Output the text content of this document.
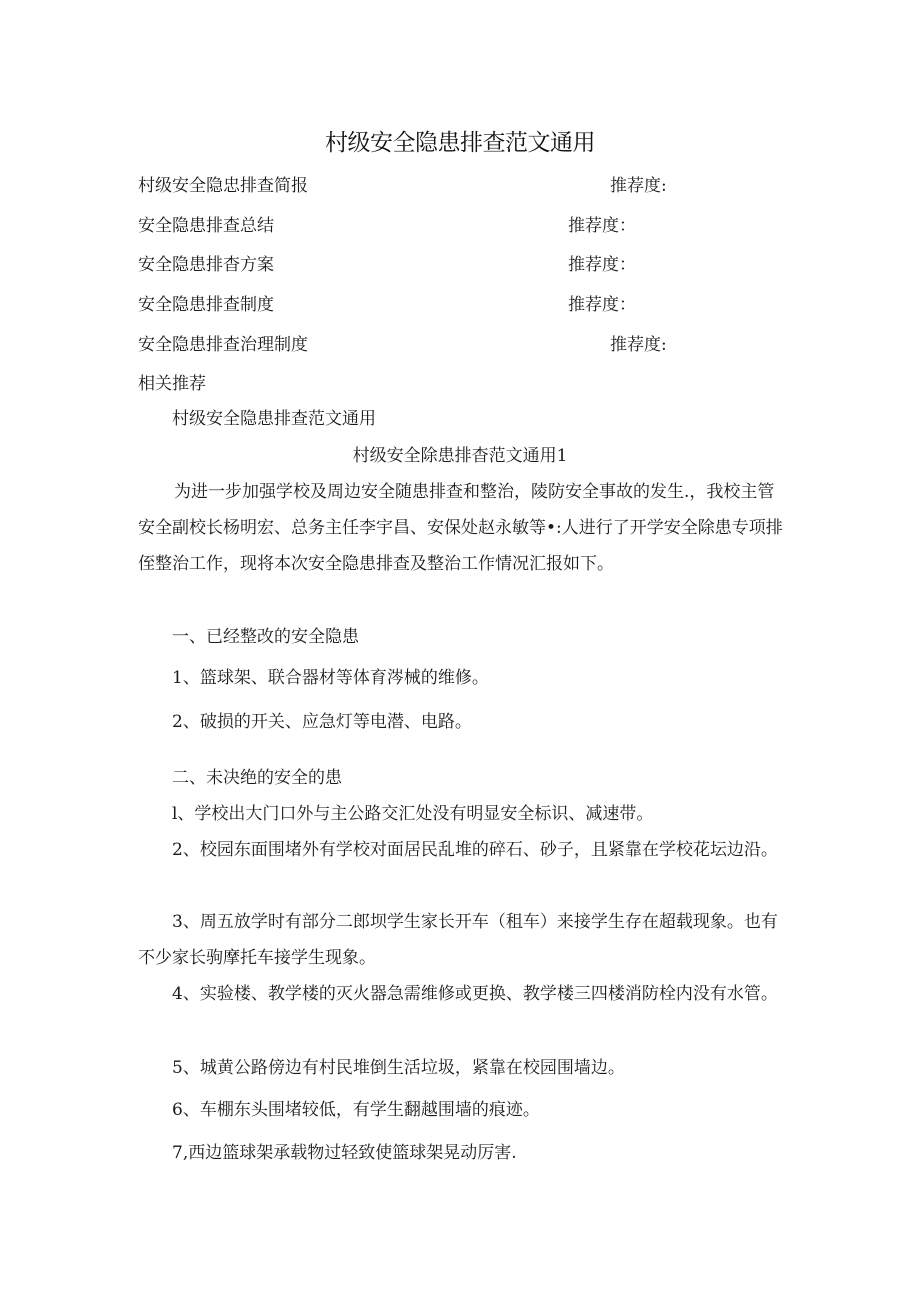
村级安全隐患排查范文通用
村级安全隐忠排查简报	推荐度:
安全隐患排查总结	推荐度：
安全隐患排杳方案	推荐度：
安全隐患排查制度	推荐度：
安全隐患排查治理制度	推荐度:
相关推荐
村级安全隐患排查范文通用
村级安全除患排杳范文通用1
为进一步加强学校及周边安全随患排查和整治，陵防安全事故的发生.，我校主管安全副校长杨明宏、总务主任李宇昌、安保处赵永敏等•:人进行了开学安全除患专项排侄整治工作，现将本次安全隐患排查及整治工作情况汇报如下。
一、已经整改的安全隐患
1、篮球架、联合器材等体育涔械的维修。
2、破损的开关、应急灯等电潜、电路。
二、未决绝的安全的患
l、学校出大门口外与主公路交汇处没有明显安全标识、减速带。
2、校园东面围堵外有学校对面居民乱堆的碎石、砂子，且紧靠在学校花坛边沿。
3、周五放学时有部分二郎坝学生家长开车（租车）来接学生存在超载现象。也有不少家长驹摩托车接学生现象。
4、实验楼、教学楼的灭火器急需维修或更换、教学楼三四楼消防栓内没有水管。
5、城黄公路傍边有村民堆倒生活垃圾，紧靠在校园围墙边。
6、车棚东头围堵较低，有学生翻越围墙的痕迹。
7,西边篮球架承载物过轻致使篮球架晃动厉害.
